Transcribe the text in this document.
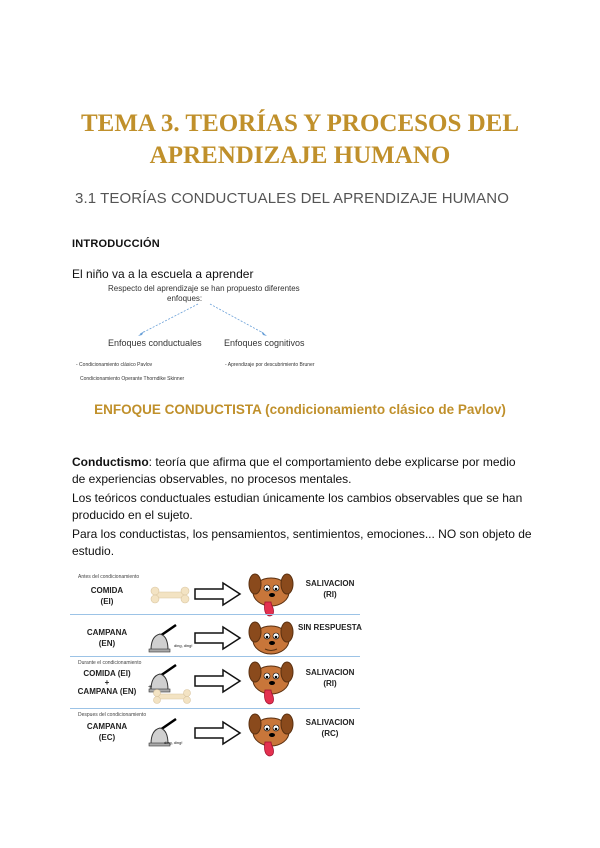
TEMA 3. TEORÍAS Y PROCESOS DEL
APRENDIZAJE HUMANO
3.1 TEORÍAS CONDUCTUALES DEL APRENDIZAJE HUMANO
INTRODUCCIÓN
El niño va a la escuela a aprender
Respecto del aprendizaje se han propuesto diferentes
enfoques:
Enfoques conductuales Enfoques cognitivos
- Condicionamiento clásico Pavlov
Condicionamiento Operante Thorndike Skinner
- Aprendizaje por descubrimiento Bruner
ENFOQUE CONDUCTISTA (condicionamiento clásico de Pavlov)
Conductismo: teoría que afirma que el comportamiento debe explicarse por medio de experiencias observables, no procesos mentales.
Los teóricos conductuales estudian únicamente los cambios observables que se han producido en el sujeto.
Para los conductistas, los pensamientos, sentimientos, emociones... NO son objeto de estudio.
Antes del condicionamiento
COMIDA
(EI)
SALIVACION
(RI)
CAMPANA
(EN)	ding, ding!
SIN RESPUESTA
Durante el condicionamiento
COMIDA (EI)
+
CAMPANA (EN)	+
SALIVACION
(RI)
Despues del condicionamiento
CAMPANA
(EC)
ding, ding!
SALIVACION
(RC)
